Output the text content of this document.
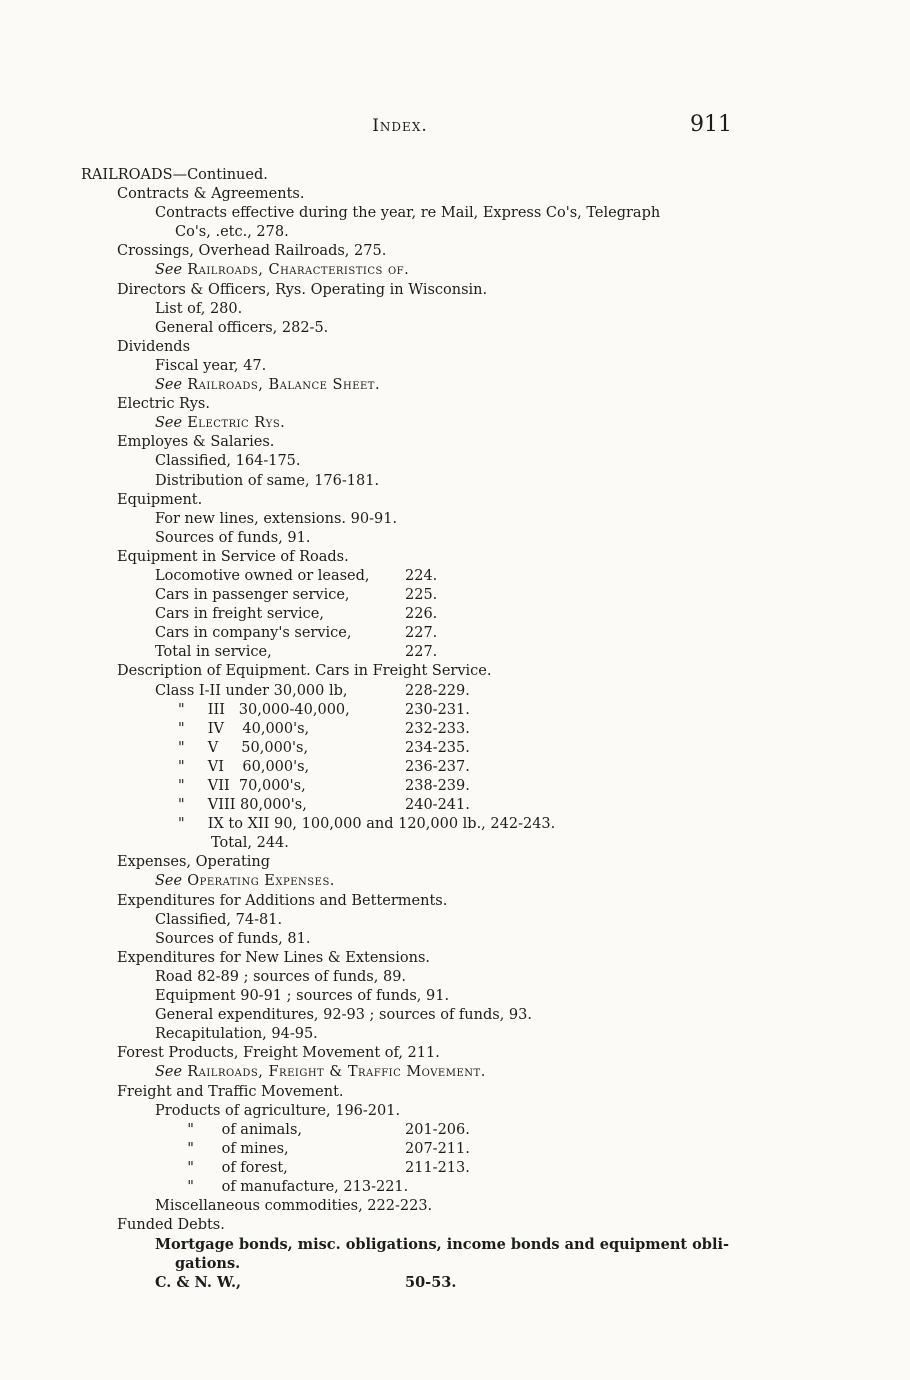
Index.	911
RAILROADS—Continued.
Contracts & Agreements.
Contracts effective during the year, re Mail, Express Co's, Telegraph
Co's, .etc., 278.
Crossings, Overhead Railroads, 275.
See Railroads, Characteristics of.
Directors & Officers, Rys. Operating in Wisconsin.
List of, 280.
General officers, 282-5.
Dividends
Fiscal year, 47.
See Railroads, Balance Sheet.
Electric Rys.
See Electric Rys.
Employes & Salaries.
Classified, 164-175.
Distribution of same, 176-181.
Equipment.
For new lines, extensions. 90-91.
Sources of funds, 91.
Equipment in Service of Roads.
Locomotive owned or leased, 224.
Cars in passenger service,	225.
Cars in freight service,	226.
Cars in company's service,	227.
Total in service,	227.
Description of Equipment. Cars in Freight Service.
Class I-II under 30,000 lb,	228-229.
"     III   30,000-40,000,	230-231.
"     IV    40,000's,	232-233.
"     V     50,000's,	234-235.
"     VI    60,000's,	236-237.
"     VII  70,000's,	238-239.
"     VIII 80,000's,	240-241.
"     IX to XII 90, 100,000 and 120,000 lb., 242-243.
Total, 244.
Expenses, Operating
See Operating Expenses.
Expenditures for Additions and Betterments.
Classified, 74-81.
Sources of funds, 81.
Expenditures for New Lines & Extensions.
Road 82-89 ; sources of funds, 89.
Equipment 90-91 ; sources of funds, 91.
General expenditures, 92-93 ; sources of funds, 93.
Recapitulation, 94-95.
Forest Products, Freight Movement of, 211.
See Railroads, Freight & Traffic Movement.
Freight and Traffic Movement.
Products of agriculture, 196-201.
"      of animals,	201-206.
"      of mines,	207-211.
"      of forest,	211-213.
"      of manufacture, 213-221.
Miscellaneous commodities, 222-223.
Funded Debts.
Mortgage bonds, misc. obligations, income bonds and equipment obli-
gations.
C. & N. W.,	50-53.
